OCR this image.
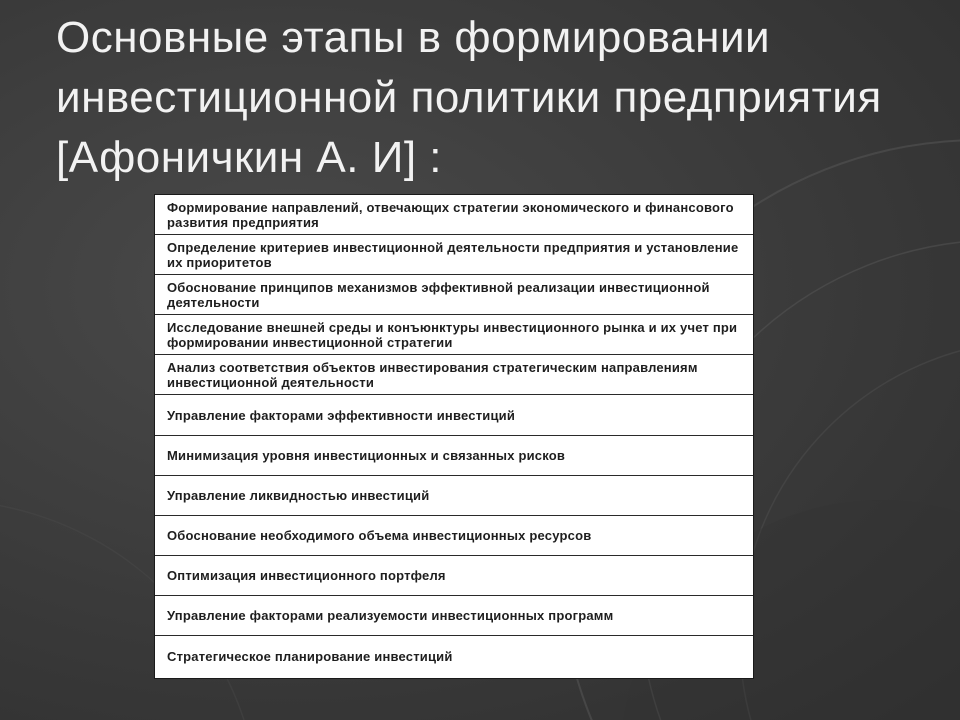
Основные этапы в формировании
инвестиционной политики предприятия
[Афоничкин А. И] :
Формирование направлений, отвечающих стратегии экономического и финансового развития предприятия
Определение критериев инвестиционной деятельности предприятия и установление их приоритетов
Обоснование принципов механизмов эффективной реализации инвестиционной деятельности
Исследование внешней среды и конъюнктуры инвестиционного рынка и их учет при формировании инвестиционной стратегии
Анализ соответствия объектов инвестирования стратегическим направлениям инвестиционной деятельности
Управление факторами эффективности инвестиций
Минимизация уровня инвестиционных и связанных рисков
Управление ликвидностью инвестиций
Обоснование необходимого объема инвестиционных ресурсов
Оптимизация инвестиционного портфеля
Управление факторами реализуемости инвестиционных программ
Стратегическое планирование инвестиций
